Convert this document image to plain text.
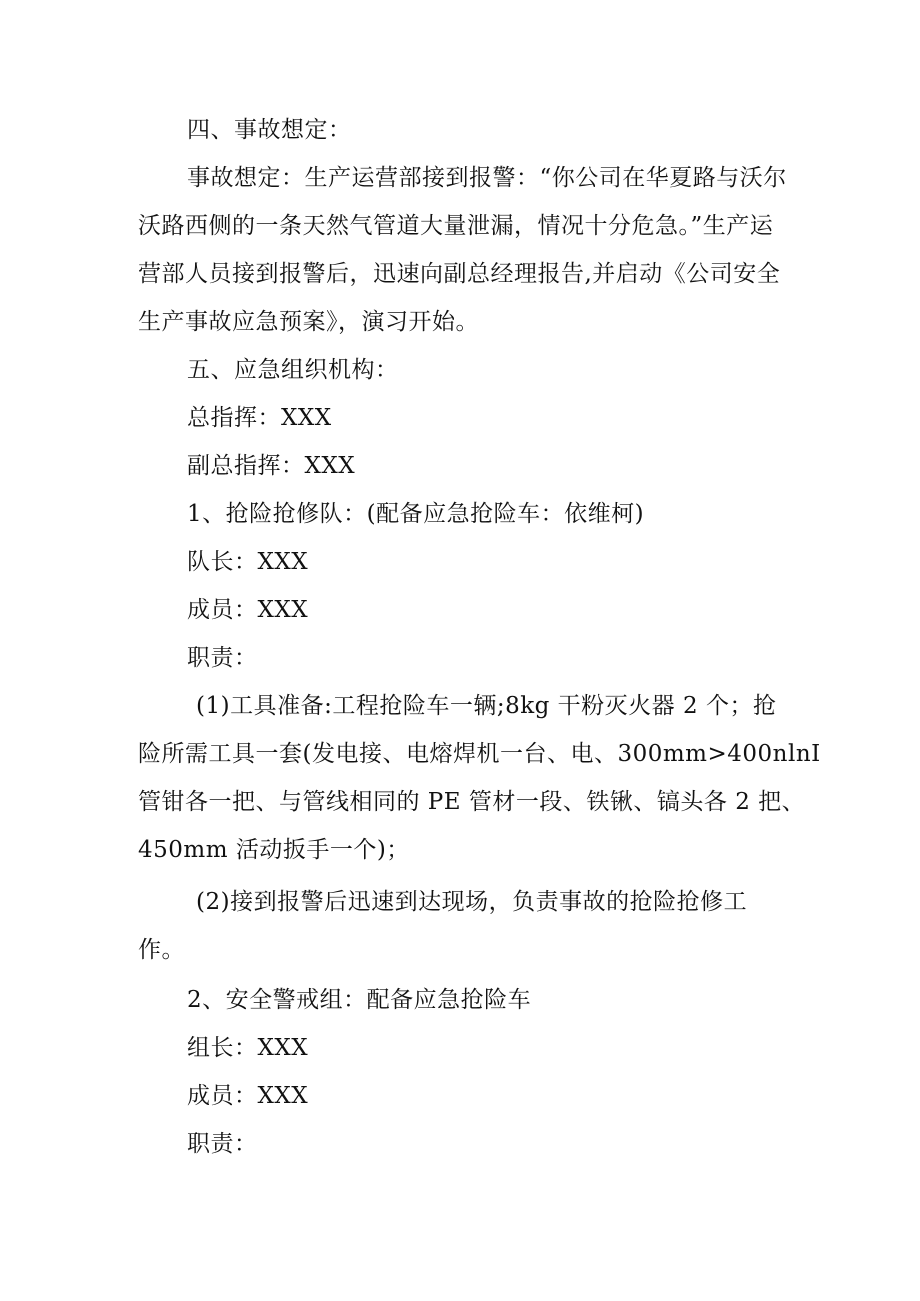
四、事故想定：
事故想定：生产运营部接到报警：“你公司在华夏路与沃尔
沃路西侧的一条天然气管道大量泄漏，情况十分危急。”生产运
营部人员接到报警后，迅速向副总经理报告,并启动《公司安全
生产事故应急预案》，演习开始。
五、应急组织机构：
总指挥：XXX
副总指挥：XXX
1、抢险抢修队：(配备应急抢险车：依维柯)
队长：XXX
成员：XXX
职责：
(1)工具准备:工程抢险车一辆;8kg 干粉灭火器 2 个；抢
险所需工具一套(发电接、电熔焊机一台、电、300mm>400nlnI
管钳各一把、与管线相同的 PE 管材一段、铁锹、镐头各 2 把、
450mm 活动扳手一个)；
(2)接到报警后迅速到达现场，负责事故的抢险抢修工
作。
2、安全警戒组：配备应急抢险车
组长：XXX
成员：XXX
职责：
